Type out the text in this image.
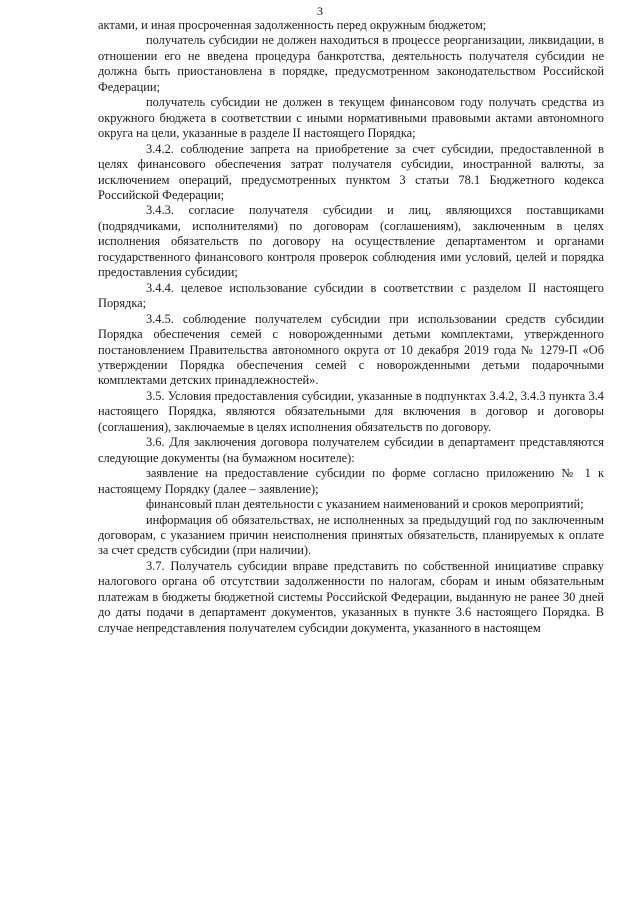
3

актами, и иная просроченная задолженность перед окружным бюджетом;

получатель субсидии не должен находиться в процессе реорганизации, ликвидации, в отношении его не введена процедура банкротства, деятельность получателя субсидии не должна быть приостановлена в порядке, предусмотренном законодательством Российской Федерации;

получатель субсидии не должен в текущем финансовом году получать средства из окружного бюджета в соответствии с иными нормативными правовыми актами автономного округа на цели, указанные в разделе II настоящего Порядка;

3.4.2. соблюдение запрета на приобретение за счет субсидии, предоставленной в целях финансового обеспечения затрат получателя субсидии, иностранной валюты, за исключением операций, предусмотренных пунктом 3 статьи 78.1 Бюджетного кодекса Российской Федерации;

3.4.3. согласие получателя субсидии и лиц, являющихся поставщиками (подрядчиками, исполнителями) по договорам (соглашениям), заключенным в целях исполнения обязательств по договору на осуществление департаментом и органами государственного финансового контроля проверок соблюдения ими условий, целей и порядка предоставления субсидии;

3.4.4. целевое использование субсидии в соответствии с разделом II настоящего Порядка;

3.4.5. соблюдение получателем субсидии при использовании средств субсидии Порядка обеспечения семей с новорожденными детьми комплектами, утвержденного постановлением Правительства автономного округа от 10 декабря 2019 года № 1279-П «Об утверждении Порядка обеспечения семей с новорожденными детьми подарочными комплектами детских принадлежностей».

3.5. Условия предоставления субсидии, указанные в подпунктах 3.4.2, 3.4.3 пункта 3.4 настоящего Порядка, являются обязательными для включения в договор и договоры (соглашения), заключаемые в целях исполнения обязательств по договору.

3.6. Для заключения договора получателем субсидии в департамент представляются следующие документы (на бумажном носителе):

заявление на предоставление субсидии по форме согласно приложению № 1 к настоящему Порядку (далее – заявление);

финансовый план деятельности с указанием наименований и сроков мероприятий;

информация об обязательствах, не исполненных за предыдущий год по заключенным договорам, с указанием причин неисполнения принятых обязательств, планируемых к оплате за счет средств субсидии (при наличии).

3.7. Получатель субсидии вправе представить по собственной инициативе справку налогового органа об отсутствии задолженности по налогам, сборам и иным обязательным платежам в бюджеты бюджетной системы Российской Федерации, выданную не ранее 30 дней до даты подачи в департамент документов, указанных в пункте 3.6 настоящего Порядка. В случае непредставления получателем субсидии документа, указанного в настоящем
